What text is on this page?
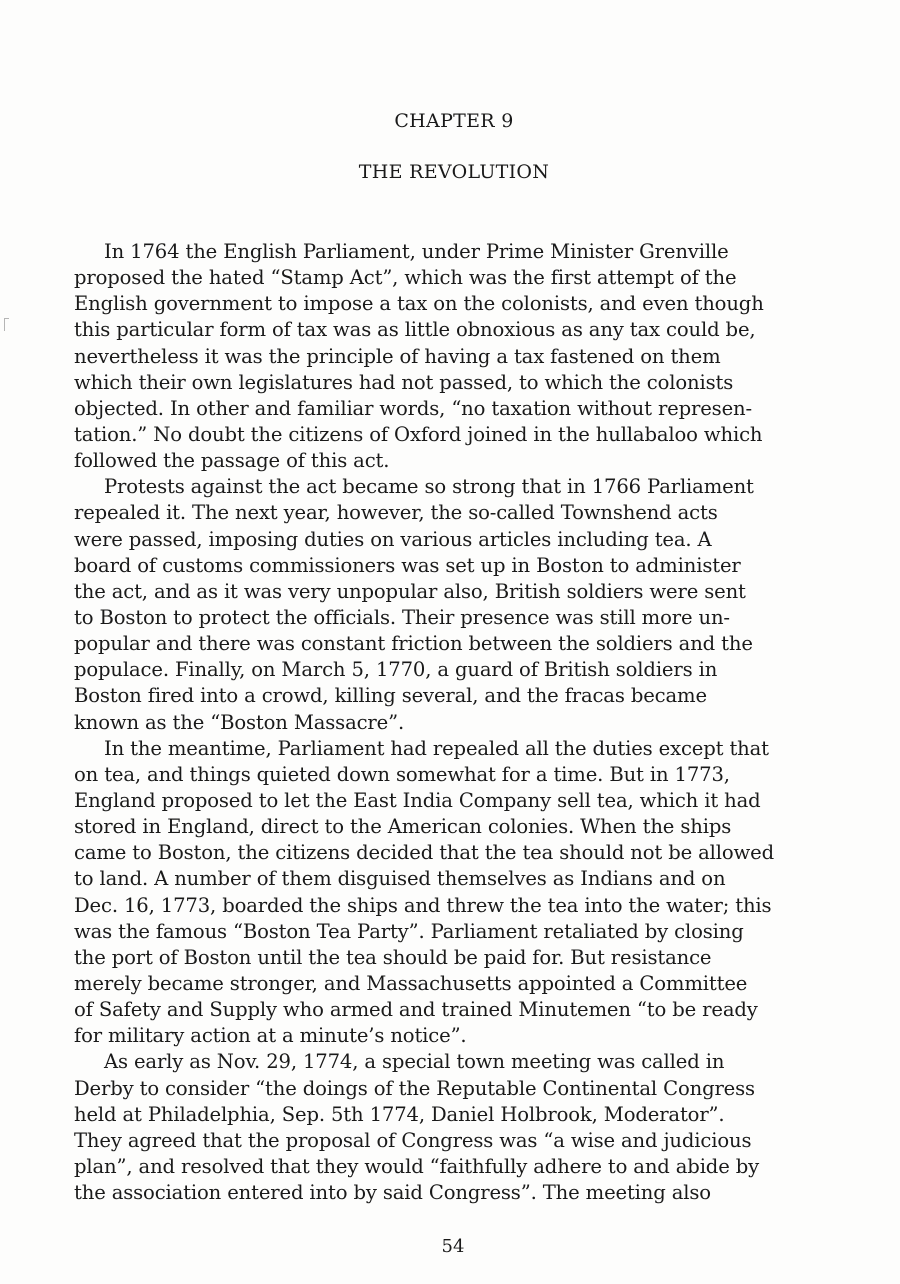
CHAPTER 9
THE REVOLUTION
In 1764 the English Parliament, under Prime Minister Grenville
proposed the hated “Stamp Act”, which was the first attempt of the
English government to impose a tax on the colonists, and even though
this particular form of tax was as little obnoxious as any tax could be,
nevertheless it was the principle of having a tax fastened on them
which their own legislatures had not passed, to which the colonists
objected. In other and familiar words, “no taxation without represen-
tation.” No doubt the citizens of Oxford joined in the hullabaloo which
followed the passage of this act.
Protests against the act became so strong that in 1766 Parliament
repealed it. The next year, however, the so-called Townshend acts
were passed, imposing duties on various articles including tea. A
board of customs commissioners was set up in Boston to administer
the act, and as it was very unpopular also, British soldiers were sent
to Boston to protect the officials. Their presence was still more un-
popular and there was constant friction between the soldiers and the
populace. Finally, on March 5, 1770, a guard of British soldiers in
Boston fired into a crowd, killing several, and the fracas became
known as the “Boston Massacre”.
In the meantime, Parliament had repealed all the duties except that
on tea, and things quieted down somewhat for a time. But in 1773,
England proposed to let the East India Company sell tea, which it had
stored in England, direct to the American colonies. When the ships
came to Boston, the citizens decided that the tea should not be allowed
to land. A number of them disguised themselves as Indians and on
Dec. 16, 1773, boarded the ships and threw the tea into the water; this
was the famous “Boston Tea Party”. Parliament retaliated by closing
the port of Boston until the tea should be paid for. But resistance
merely became stronger, and Massachusetts appointed a Committee
of Safety and Supply who armed and trained Minutemen “to be ready
for military action at a minute’s notice”.
As early as Nov. 29, 1774, a special town meeting was called in
Derby to consider “the doings of the Reputable Continental Congress
held at Philadelphia, Sep. 5th 1774, Daniel Holbrook, Moderator”.
They agreed that the proposal of Congress was “a wise and judicious
plan”, and resolved that they would “faithfully adhere to and abide by
the association entered into by said Congress”. The meeting also
54
